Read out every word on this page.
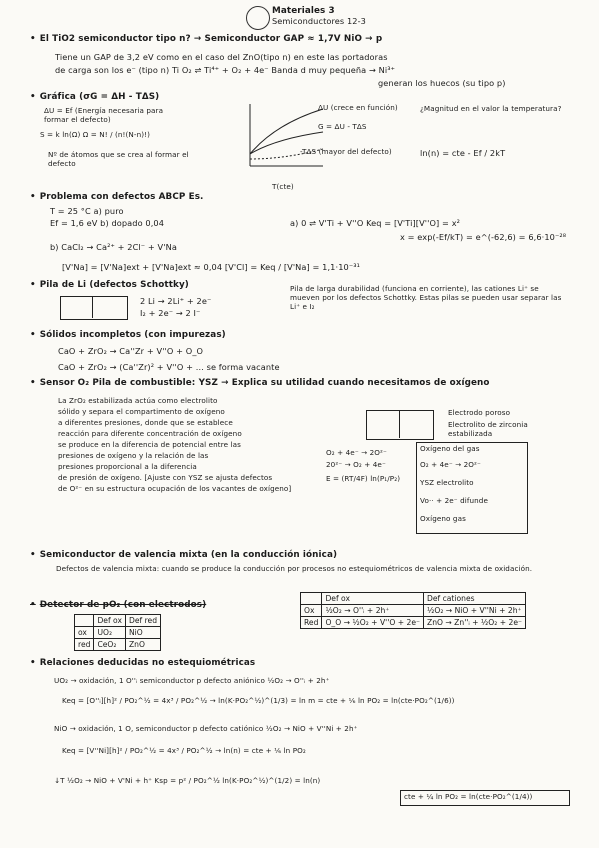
Materiales 3
Semiconductores 12-3
• El TiO2 semiconductor tipo n? → Semiconductor GAP ≈ 1,7V NiO → p
Tiene un GAP de 3,2 eV como en el caso del ZnO(tipo n) en este las portadoras
de carga son los e⁻ (tipo n) Ti O₂ ⇌ Ti⁴⁺ + O₂ + 4e⁻ Banda d muy pequeña → Ni³⁺
generan los huecos (su tipo p)
• Gráfica (σG = ΔH - TΔS)
ΔU = Ef (Energía necesaria para formar el defecto)
S = k ln(Ω) Ω = N! / (n!(N-n)!)
Nº de átomos que se crea al formar el defecto
ΔU (crece en función)
G = ΔU - TΔS
-TΔS (mayor del defecto)
T(cte)
¿Magnitud en el valor la temperatura?
ln(n) = cte - Ef / 2kT
• Problema con defectos ABCP Es.
T = 25 °C a) puro
Ef = 1,6 eV b) dopado 0,04	a) 0 ⇌ V'Ti + V''O Keq = [V'Ti][V''O] = x²
x = exp(-Ef/kT) = e^(-62,6) = 6,6·10⁻²⁸
b) CaCl₂ → Ca²⁺ + 2Cl⁻ + V'Na
[V'Na] = [V'Na]ext + [V'Na]ext ≈ 0,04 [V'Cl] = Keq / [V'Na] = 1,1·10⁻³¹
• Pila de Li (defectos Schottky)
2 Li → 2Li⁺ + 2e⁻
I₂ + 2e⁻ → 2 I⁻
Pila de larga durabilidad (funciona en corriente), las cationes Li⁺ se mueven por los defectos Schottky. Estas pilas se pueden usar separar las Li⁺ e I₂
• Sólidos incompletos (con impurezas)
CaO + ZrO₂ → Ca''Zr + V''O + O_O
CaO + ZrO₂ → (Ca''Zr)² + V''O + ... se forma vacante
• Sensor O₂ Pila de combustible: YSZ → Explica su utilidad cuando necesitamos de oxígeno
La ZrO₂ estabilizada actúa como electrolito
sólido y separa el compartimento de oxígeno
a diferentes presiones, donde que se establece
reacción para diferente concentración de oxígeno
se produce en la diferencia de potencial entre las
presiones de oxígeno y la relación de las
presiones proporcional a la diferencia
de presión de oxígeno. [Ajuste con YSZ se ajusta defectos
de O²⁻ en su estructura ocupación de los vacantes de oxígeno]
Electrodo poroso
Electrolito de zirconia estabilizada
O₂ + 4e⁻ → 2O²⁻
20²⁻ → O₂ + 4e⁻
E = (RT/4F) ln(P₁/P₂)
Oxígeno del gas
O₂ + 4e⁻ → 2O²⁻
YSZ electrolito
Vo·· + 2e⁻ difunde
Oxígeno gas
• Semiconductor de valencia mixta (en la conducción iónica)
Defectos de valencia mixta: cuando se produce la conducción por procesos no estequiométricos de valencia mixta de oxidación.
• Detector de pO₂ (con electrodos)
	Def ox	Def red
ox	UO₂	NiO
red	CeO₂	ZnO
	Def ox	Def cationes
Ox	½O₂ → O''ᵢ + 2h⁺	½O₂ → NiO + V''Ni + 2h⁺
Red	O_O → ½O₂ + V''O + 2e⁻	ZnO → Zn''ᵢ + ½O₂ + 2e⁻
• Relaciones deducidas no estequiométricas
UO₂ → oxidación, 1 O''ᵢ semiconductor p defecto aniónico ½O₂ → O''ᵢ + 2h⁺
Keq = [O''ᵢ][h]² / PO₂^½ = 4x³ / PO₂^½ → ln(K·PO₂^½)^(1/3) = ln m = cte + ⅙ ln PO₂ = ln(cte·PO₂^(1/6))
NiO → oxidación, 1 O, semiconductor p defecto catiónico ½O₂ → NiO + V''Ni + 2h⁺
Keq = [V''Ni][h]² / PO₂^½ = 4x³ / PO₂^½ → ln(n) = cte + ⅙ ln PO₂
↓T ½O₂ → NiO + V'Ni + h⁺ Ksp = p² / PO₂^½ ln(K·PO₂^½)^(1/2) = ln(n)
cte + ¼ ln PO₂ = ln(cte·PO₂^(1/4))
